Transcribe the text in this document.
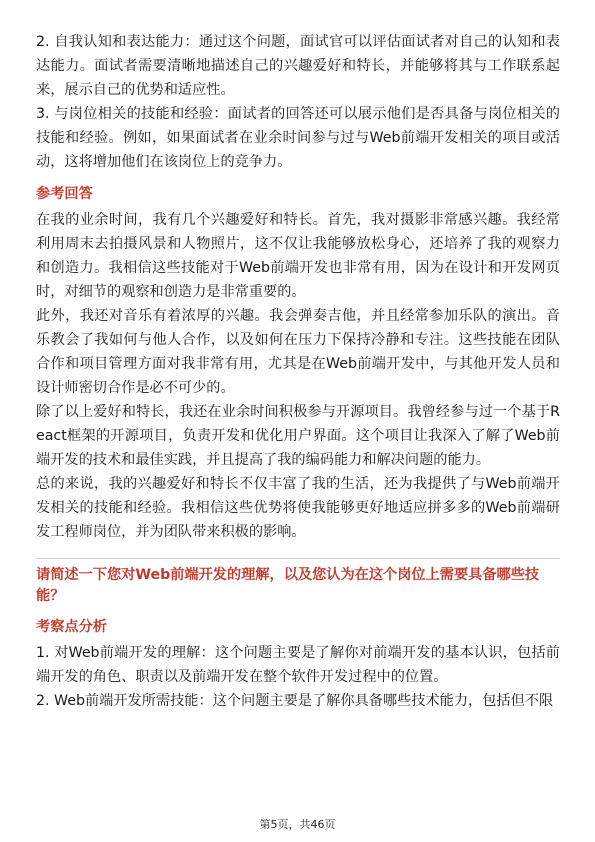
2. 自我认知和表达能力：通过这个问题，面试官可以评估面试者对自己的认知和表达能力。面试者需要清晰地描述自己的兴趣爱好和特长，并能够将其与工作联系起来，展示自己的优势和适应性。

3. 与岗位相关的技能和经验：面试者的回答还可以展示他们是否具备与岗位相关的技能和经验。例如，如果面试者在业余时间参与过与Web前端开发相关的项目或活动，这将增加他们在该岗位上的竞争力。

参考回答

在我的业余时间，我有几个兴趣爱好和特长。首先，我对摄影非常感兴趣。我经常利用周末去拍摄风景和人物照片，这不仅让我能够放松身心，还培养了我的观察力和创造力。我相信这些技能对于Web前端开发也非常有用，因为在设计和开发网页时，对细节的观察和创造力是非常重要的。

此外，我还对音乐有着浓厚的兴趣。我会弹奏吉他，并且经常参加乐队的演出。音乐教会了我如何与他人合作，以及如何在压力下保持冷静和专注。这些技能在团队合作和项目管理方面对我非常有用，尤其是在Web前端开发中，与其他开发人员和设计师密切合作是必不可少的。

除了以上爱好和特长，我还在业余时间积极参与开源项目。我曾经参与过一个基于React框架的开源项目，负责开发和优化用户界面。这个项目让我深入了解了Web前端开发的技术和最佳实践，并且提高了我的编码能力和解决问题的能力。

总的来说，我的兴趣爱好和特长不仅丰富了我的生活，还为我提供了与Web前端开发相关的技能和经验。我相信这些优势将使我能够更好地适应拼多多的Web前端研发工程师岗位，并为团队带来积极的影响。

请简述一下您对Web前端开发的理解，以及您认为在这个岗位上需要具备哪些技能？
考察点分析

1. 对Web前端开发的理解：这个问题主要是了解你对前端开发的基本认识，包括前端开发的角色、职责以及前端开发在整个软件开发过程中的位置。

2. Web前端开发所需技能：这个问题主要是了解你具备哪些技术能力，包括但不限

第5页，共46页
